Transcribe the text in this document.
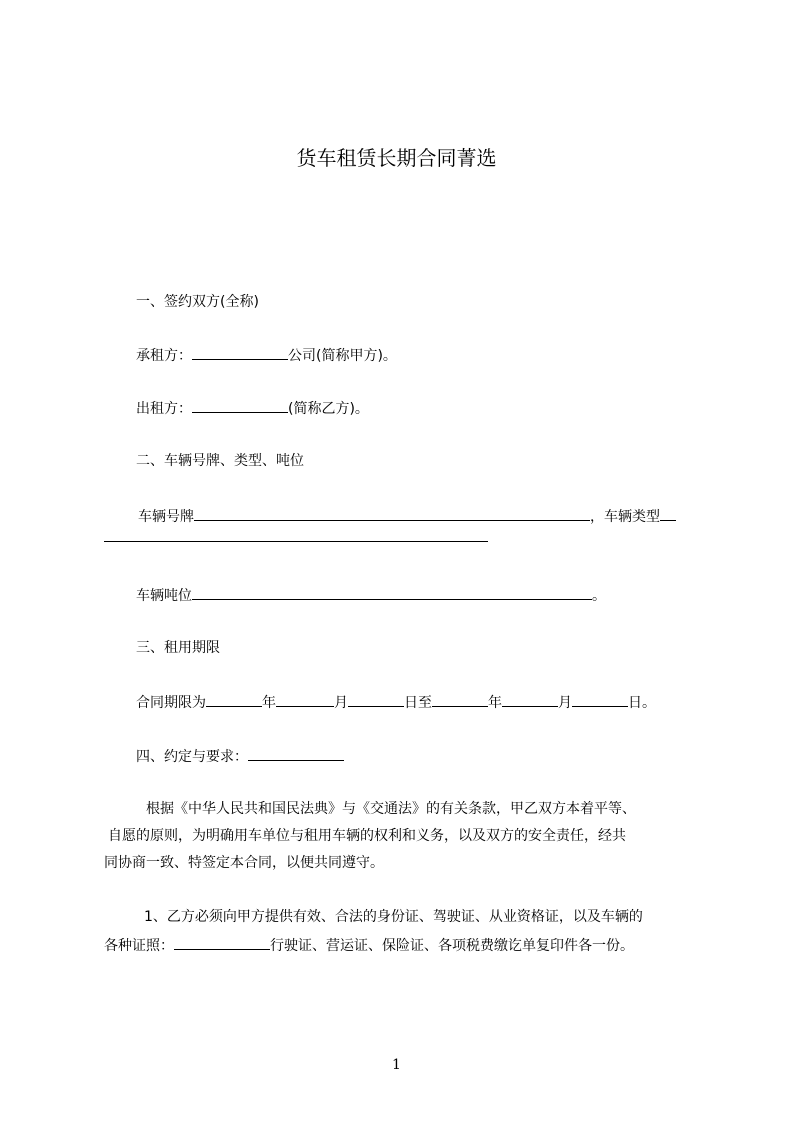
货车租赁长期合同菁选
一、签约双方(全称)
承租方：	公司(简称甲方)。
出租方：	(简称乙方)。
二、车辆号牌、类型、吨位
车辆号牌	，车辆类型
车辆吨位	。
三、租用期限
合同期限为	年	月	日至	年	月	日。
四、约定与要求：
根据《中华人民共和国民法典》与《交通法》的有关条款，甲乙双方本着平等、
自愿的原则，为明确用车单位与租用车辆的权利和义务，以及双方的安全责任，经共
同协商一致、特签定本合同，以便共同遵守。
1、乙方必须向甲方提供有效、合法的身份证、驾驶证、从业资格证，以及车辆的
各种证照：	行驶证、营运证、保险证、各项税费缴讫单复印件各一份。
1
